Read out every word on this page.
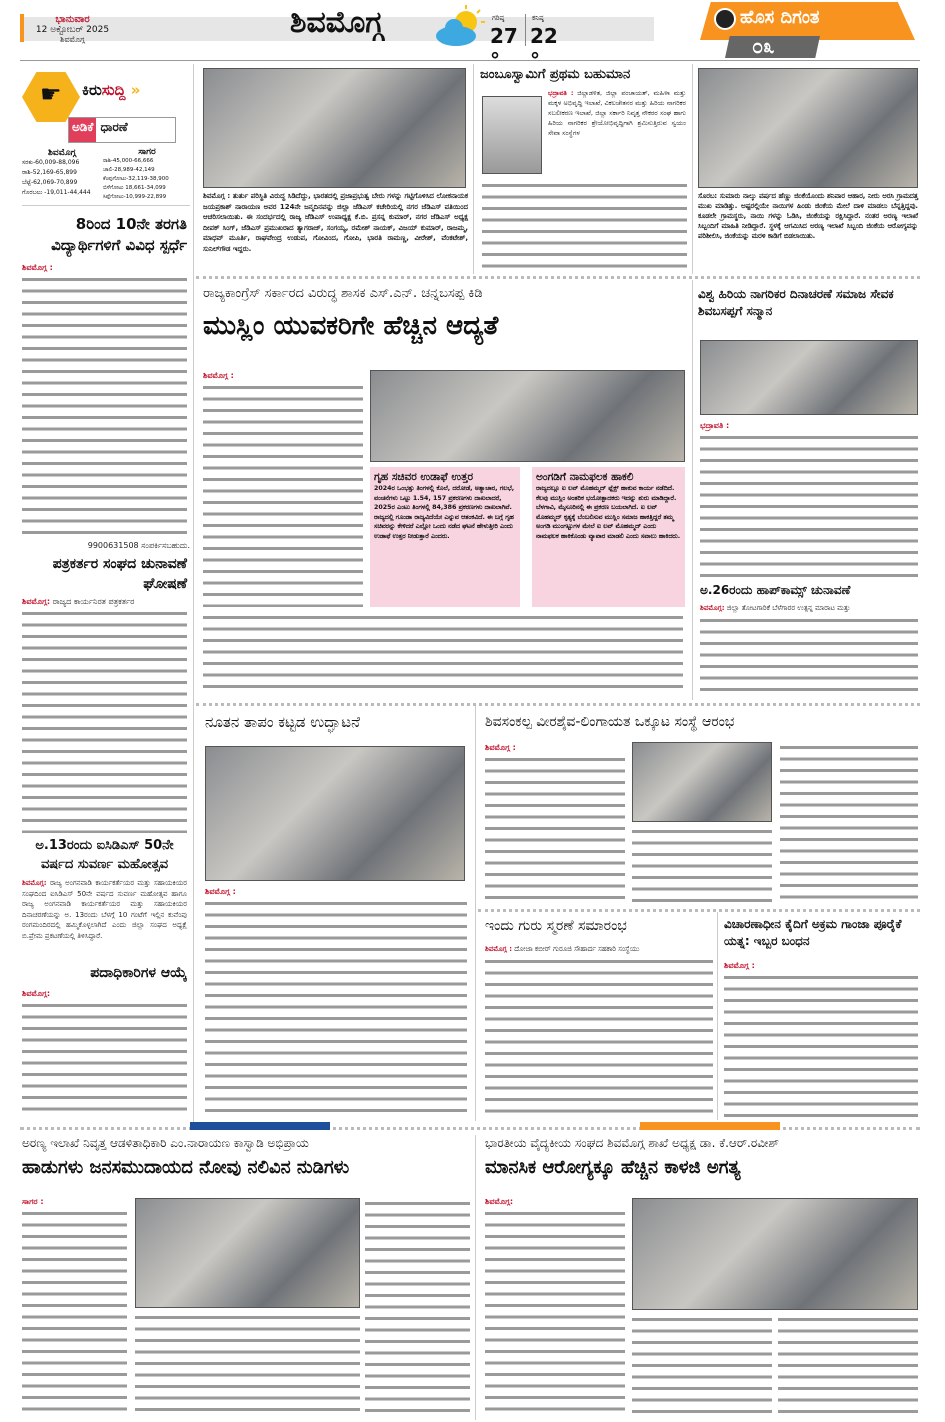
ಭಾನುವಾರ
12 ಅಕ್ಟೋಬರ್ 2025
ಶಿವಮೊಗ್ಗ	ಶಿವಮೊಗ್ಗ	ಗರಿಷ್ಠ
27°
ಕನಿಷ್ಠ
22°
ಹೊಸ ದಿಗಂತ
೦೩
☛	ಕಿರುಸುದ್ದಿ »
ಅಡಿಕೆ ಧಾರಣೆ
ಶಿವಮೊಗ್ಗ
ಸರಕು-60,009-88,096
ರಾಶಿ-52,169-65,899
ಬೆಟ್ಟೆ-62,069-70,899
ಗೊರಬಲು -19,011-44,444
ಸಾಗರ
ರಾಶಿ-45,000-66,666
ಚಾಲಿ-28,989-42,149
ಕೆಂಪುಗೋಟು-32,119-38,900
ಬಿಳೆಗೋಟು 18,661-34,099
ಸಿಪ್ಪೆಗೋಟು-10,999-22,899
8ರಿಂದ 10ನೇ ತರಗತಿ ವಿದ್ಯಾರ್ಥಿಗಳಿಗೆ ವಿವಿಧ ಸ್ಪರ್ಧೆ
ಶಿವಮೊಗ್ಗ :
9900631508 ಸಂಪರ್ಕಿಸಬಹುದು.
ಪತ್ರಕರ್ತರ ಸಂಘದ ಚುನಾವಣೆ ಘೋಷಣೆ
ಶಿವಮೊಗ್ಗ: ರಾಜ್ಯದ ಕಾರ್ಯನಿರತ ಪತ್ರಕರ್ತರ
ಅ.13ರಂದು ಐಸಿಡಿಎಸ್ 50ನೇ ವರ್ಷದ ಸುವರ್ಣ ಮಹೋತ್ಸವ
ಶಿವಮೊಗ್ಗ: ರಾಜ್ಯ ಅಂಗನವಾಡಿ ಕಾರ್ಯಕರ್ತೆಯರ ಮತ್ತು ಸಹಾಯಕಿಯರ ಸಂಘದಿಂದ ಐಸಿಡಿಎಸ್ 50ನೇ ವರ್ಷದ ಸುವರ್ಣ ಮಹೋತ್ಸವ ಹಾಗೂ ರಾಜ್ಯ ಅಂಗನವಾಡಿ ಕಾರ್ಯಕರ್ತೆಯರ ಮತ್ತು ಸಹಾಯಕಿಯರ ದಿನಾಚರಣೆಯನ್ನು ಅ. 13ರಂದು ಬೆಳಗ್ಗೆ 10 ಗಂಟೆಗೆ ಇಲ್ಲಿನ ಕುವೆಂಪು ರಂಗಮಂದಿರದಲ್ಲಿ ಹಮ್ಮಿಕೊಳ್ಳಲಾಗಿದೆ ಎಂದು ಜಿಲ್ಲಾ ಸಂಘದ ಅಧ್ಯಕ್ಷೆ ಬಿ.ಪ್ರೇಮ ಪ್ರಕಟಣೆಯಲ್ಲಿ ತಿಳಿಸಿದ್ದಾರೆ.
ಪದಾಧಿಕಾರಿಗಳ ಆಯ್ಕೆ
ಶಿವಮೊಗ್ಗ:
ಶಿವಮೊಗ್ಗ : ತುರ್ತು ಪರಿಸ್ಥಿತಿ ವಿರುದ್ಧ ಸಿಡಿದೆದ್ದು, ಭಾರತದಲ್ಲಿ ಪ್ರಜಾಪ್ರಭುತ್ವ ಬೇರು ಗಳನ್ನು ಗಟ್ಟಿಗೊಳಿಸಿದ ಲೋಕನಾಯಕ ಜಯಪ್ರಕಾಶ್ ನಾರಾಯಣ ಅವರ 124ನೇ ಜನ್ಮದಿನವನ್ನು ಜಿಲ್ಲಾ ಜೆಡಿಎಸ್ ಕಚೇರಿಯಲ್ಲಿ ನಗರ ಜೆಡಿಎಸ್ ವತಿಯಿಂದ ಆಚರಿಸಲಾಯಿತು. ಈ ಸಂದರ್ಭದಲ್ಲಿ ರಾಜ್ಯ ಜೆಡಿಎಸ್ ಉಪಾಧ್ಯಕ್ಷ ಕೆ.ಬಿ. ಪ್ರಸನ್ನ ಕುಮಾರ್, ನಗರ ಜೆಡಿಎಸ್ ಅಧ್ಯಕ್ಷ ದೀಪಕ್ ಸಿಂಗ್, ಜೆಡಿಎಸ್ ಪ್ರಮುಖರಾದ ತ್ಯಾಗರಾಜ್, ಸಂಗಯ್ಯ, ರಮೇಶ್ ನಾಯಕ್, ವಿಜಯ್ ಕುಮಾರ್, ರಾಜಮ್ಮ, ಮಾಧವ್ ಮೂರ್ತಿ, ರಾಘವೇಂದ್ರ ಉಡುಪ, ಗೋವಿಂದ, ಗೋಪಿ, ಭಾರತಿ ರಾಮಣ್ಣ, ವೀರೇಶ್, ವೆಂಕಟೇಶ್, ಸುನಿಲ್‌ಗೌಡ ಇದ್ದರು.
ಜಂಬೂಸ್ವಾಮಿಗೆ ಪ್ರಥಮ ಬಹುಮಾನ
ಭದ್ರಾವತಿ : ಜಿಲ್ಲಾಡಳಿತ, ಜಿಲ್ಲಾ ಪಂಚಾಯತ್, ಮಹಿಳಾ ಮತ್ತು ಮಕ್ಕಳ ಅಭಿವೃದ್ಧಿ ಇಲಾಖೆ, ವಿಕಲಚೇತನರ ಮತ್ತು ಹಿರಿಯ ನಾಗರಿಕರ ಸಬಲೀಕರಣ ಇಲಾಖೆ, ಜಿಲ್ಲಾ ಸರ್ಕಾರಿ ನಿವೃತ್ತ ನೌಕರರ ಸಂಘ ಹಾಗು ಹಿರಿಯ ನಾಗರಿಕರ ಶ್ರೇಯೋಭಿವೃದ್ಧಿಗಾಗಿ ಶ್ರಮಿಸುತ್ತಿರುವ ಸ್ವಯಂ ಸೇವಾ ಸಂಸ್ಥೆಗಳ
ಸೊರಬ: ಸುಮಾರು ನಾಲ್ಕು ವರ್ಷದ ಹೆಣ್ಣು ಜಿಂಕೆಯೊಂದು ಶನಿವಾರ ಆಹಾರ, ನೀರು ಅರಸಿ ಗ್ರಾಮದತ್ತ ಮುಖ ಮಾಡಿತ್ತು. ಅಷ್ಟರಲ್ಲಿಯೇ ನಾಯಿಗಳ ಹಿಂಡು ಜಿಂಕೆಯ ಮೇಲೆ ದಾಳಿ ಮಾಡಲು ಬೆನ್ನತ್ತಿದ್ದವು. ಕೂಡಲೇ ಗ್ರಾಮಸ್ಥರು, ನಾಯಿ ಗಳನ್ನು ಓಡಿಸಿ, ಜಿಂಕೆಯನ್ನು ರಕ್ಷಿಸಿದ್ದಾರೆ. ನಂತರ ಅರಣ್ಯ ಇಲಾಖೆ ಸಿಬ್ಬಂದಿಗೆ ಮಾಹಿತಿ ನೀಡಿದ್ದಾರೆ. ಸ್ಥಳಕ್ಕೆ ಆಗಮಿಸಿದ ಅರಣ್ಯ ಇಲಾಖೆ ಸಿಬ್ಬಂದಿ ಜಿಂಕೆಯ ಆರೋಗ್ಯವನ್ನು ಪರಿಶೀಲಿಸಿ, ಜಿಂಕೆಯನ್ನು ಮರಳಿ ಕಾಡಿಗೆ ಬಿಡಲಾಯಿತು.
ರಾಜ್ಯಕಾಂಗ್ರೆಸ್ ಸರ್ಕಾರದ ವಿರುದ್ಧ ಶಾಸಕ ಎಸ್.ಎನ್. ಚನ್ನಬಸಪ್ಪ ಕಿಡಿ
ಮುಸ್ಲಿಂ ಯುವಕರಿಗೇ ಹೆಚ್ಚಿನ ಆದ್ಯತೆ
ಶಿವಮೊಗ್ಗ :
ಗೃಹ ಸಚಿವರ ಉಡಾಫೆ ಉತ್ತರ
2024ರ ಒಂಭತ್ತು ತಿಂಗಳಲ್ಲಿ ಕೊಲೆ, ದರೋಡೆ, ಅತ್ಯಾಚಾರ, ಗಲಭೆ, ವಂಚನೆಗಳು ಒಟ್ಟು 1.54, 157 ಪ್ರಕರಣಗಳು ದಾಖಲಾದರೆ, 2025ರ ಎಂಟು ತಿಂಗಳಲ್ಲಿ 84,386 ಪ್ರಕರಣಗಳು ದಾಖಲಾಗಿವೆ. ರಾಜ್ಯದಲ್ಲಿ ಗೂಂಡಾ ರಾಜ್ಯವಿದೆಯೇ ಎನ್ನುವ ಆತಂಕವಿದೆ. ಈ ಬಗ್ಗೆ ಗೃಹ ಸಚಿವರನ್ನು ಕೇಳಿದರೆ ಎಲ್ಲೋ ಒಂದು ನಡೆದ ಘಟನೆ ಹೇಳುತ್ತೀರಿ ಎಂದು ಉಡಾಫೆ ಉತ್ತರ ನೀಡುತ್ತಾರೆ ಎಂದರು.
ಅಂಗಡಿಗೆ ನಾಮಫಲಕ ಹಾಕಲಿ
ರಾಜ್ಯದಲ್ಲೂ ಐ ಲವ್ ಮೊಹಮ್ಮದ್ ಫ್ಲೆಕ್ಸ್ ಹಾಕುವ ಕಾರ್ಯ ನಡೆದಿದೆ. ಕೆಲವು ಮುಸ್ಲಿಂ ಅಂತರಿಕ ಭಯೋತ್ಪಾದಕರು ಇದನ್ನು ಶುರು ಮಾಡಿದ್ದಾರೆ. ಬೆಳಗಾವಿ, ಮೈಸೂರಿನಲ್ಲಿ ಈ ಪ್ರಕರಣ ಬಯಲಾಗಿದೆ. ಐ ಲವ್ ಮೊಹಮ್ಮದ್ ಕೃತ್ಯಕ್ಕೆ ಬೆಂಬಲಿಸುವ ಮುಸ್ಲಿಂ ಸಮಾಜ ಹಾಕತ್ತಿದ್ದರೆ ತಮ್ಮ ಅಂಗಡಿ ಮುಂಗಟ್ಟುಗಳ ಮೇಲೆ ಐ ಲವ್ ಮೊಹಮ್ಮದ್ ಎಂದು ನಾಮಫಲಕ ಹಾಕಿಕೊಂಡು ವ್ಯಾಪಾರ ಮಾಡಲಿ ಎಂದು ಸವಾಲು ಹಾಕಿದರು.
ವಿಶ್ವ ಹಿರಿಯ ನಾಗರಿಕರ ದಿನಾಚರಣೆ ಸಮಾಜ ಸೇವಕ ಶಿವಬಸಪ್ಪಗೆ ಸನ್ಮಾನ
ಭದ್ರಾವತಿ :
ಅ.26ರಂದು ಹಾಪ್‌ಕಾಮ್ಸ್ ಚುನಾವಣೆ
ಶಿವಮೊಗ್ಗ: ಜಿಲ್ಲಾ ತೋಟಗಾರಿಕೆ ಬೆಳೆಗಾರರ ಉತ್ಪನ್ನ ಮಾರಾಟ ಮತ್ತು
ನೂತನ ತಾಪಂ ಕಟ್ಟಡ ಉದ್ಘಾಟನೆ
ಶಿವಮೊಗ್ಗ :
ಶಿವಸಂಕಲ್ಪ ವೀರಶೈವ-ಲಿಂಗಾಯತ ಒಕ್ಕೂಟ ಸಂಸ್ಥೆ ಆರಂಭ
ಶಿವಮೊಗ್ಗ :
ಇಂದು ಗುರು ಸ್ಮರಣೆ ಸಮಾರಂಭ
ಶಿವಮೊಗ್ಗ : ದೋಜಾ ಕಬೀರ್ ಗುರೂಜಿ ಸೌಹಾರ್ದ ಸಹಕಾರಿ ಸಂಸ್ಥೆಯು
ವಿಚಾರಣಾಧೀನ ಕೈದಿಗೆ ಅಕ್ರಮ ಗಾಂಜಾ ಪೂರೈಕೆ ಯತ್ನ: ಇಬ್ಬರ ಬಂಧನ
ಶಿವಮೊಗ್ಗ :
ಅರಣ್ಯ ಇಲಾಖೆ ನಿವೃತ್ತ ಆಡಳಿತಾಧಿಕಾರಿ ಎಂ.ನಾರಾಯಣ ಕಾಸ್ವಾಡಿ ಅಭಿಪ್ರಾಯ
ಹಾಡುಗಳು ಜನಸಮುದಾಯದ ನೋವು ನಲಿವಿನ ನುಡಿಗಳು
ಸಾಗರ :
ಭಾರತೀಯ ವೈದ್ಯಕೀಯ ಸಂಘದ ಶಿವಮೊಗ್ಗ ಶಾಖೆ ಅಧ್ಯಕ್ಷ ಡಾ. ಕೆ.ಆರ್.ರವೀಶ್
ಮಾನಸಿಕ ಆರೋಗ್ಯಕ್ಕೂ ಹೆಚ್ಚಿನ ಕಾಳಜಿ ಅಗತ್ಯ
ಶಿವಮೊಗ್ಗ:
